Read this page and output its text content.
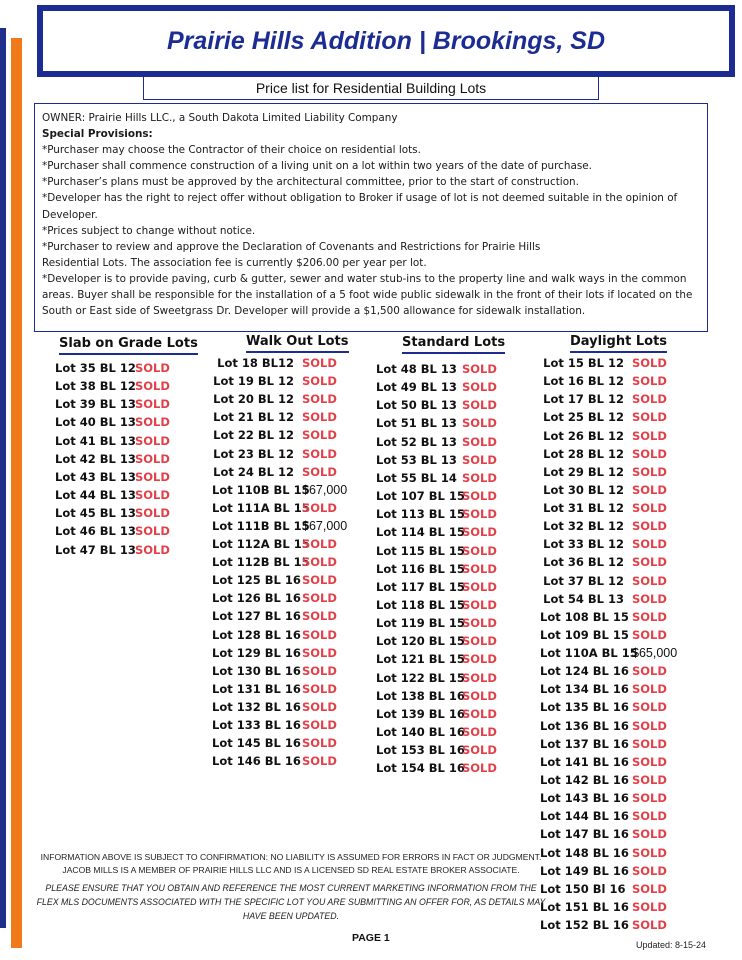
Prairie Hills Addition | Brookings, SD
Price list for Residential Building Lots

OWNER: Prairie Hills LLC., a South Dakota Limited Liability Company

Special Provisions:

*Purchaser may choose the Contractor of their choice on residential lots.

*Purchaser shall commence construction of a living unit on a lot within two years of the date of purchase.

*Purchaser’s plans must be approved by the architectural committee, prior to the start of construction.

*Developer has the right to reject offer without obligation to Broker if usage of lot is not deemed suitable in the opinion of Developer.

*Prices subject to change without notice.

*Purchaser to review and approve the Declaration of Covenants and Restrictions for Prairie Hills

Residential Lots. The association fee is currently $206.00 per year per lot.

*Developer is to provide paving, curb & gutter, sewer and water stub-ins to the property line and walk ways in the common areas. Buyer shall be responsible for the installation of a 5 foot wide public sidewalk in the front of their lots if located on the South or East side of Sweetgrass Dr. Developer will provide a $1,500 allowance for sidewalk installation.

Slab on Grade Lots
Lot 35 BL 12 SOLD
Lot 38 BL 12 SOLD
Lot 39 BL 13 SOLD
Lot 40 BL 13 SOLD
Lot 41 BL 13 SOLD
Lot 42 BL 13 SOLD
Lot 43 BL 13 SOLD
Lot 44 BL 13 SOLD
Lot 45 BL 13 SOLD
Lot 46 BL 13 SOLD
Lot 47 BL 13 SOLD
Walk Out Lots
Lot 18 BL12 SOLD
Lot 19 BL 12 SOLD
Lot 20 BL 12 SOLD
Lot 21 BL 12 SOLD
Lot 22 BL 12 SOLD
Lot 23 BL 12 SOLD
Lot 24 BL 12 SOLD
Lot 110B BL 15
$67,000
Lot 111A BL 15
SOLD
Lot 111B BL 15
$67,000
Lot 112A BL 15
SOLD
Lot 112B BL 15
SOLD
Lot 125 BL 16 SOLD
Lot 126 BL 16 SOLD
Lot 127 BL 16 SOLD
Lot 128 BL 16 SOLD
Lot 129 BL 16 SOLD
Lot 130 BL 16 SOLD
Lot 131 BL 16 SOLD
Lot 132 BL 16 SOLD
Lot 133 BL 16 SOLD
Lot 145 BL 16 SOLD
Lot 146 BL 16 SOLD
Standard Lots
Lot 48 BL 13 SOLD
Lot 49 BL 13 SOLD
Lot 50 BL 13 SOLD
Lot 51 BL 13 SOLD
Lot 52 BL 13 SOLD
Lot 53 BL 13 SOLD
Lot 55 BL 14 SOLD
Lot 107 BL 15
SOLD
Lot 113 BL 15
SOLD
Lot 114 BL 15
SOLD
Lot 115 BL 15
SOLD
Lot 116 BL 15
SOLD
Lot 117 BL 15
SOLD
Lot 118 BL 15
SOLD
Lot 119 BL 15
SOLD
Lot 120 BL 15
SOLD
Lot 121 BL 15
SOLD
Lot 122 BL 15
SOLD
Lot 138 BL 16
SOLD
Lot 139 BL 16
SOLD
Lot 140 BL 16
SOLD
Lot 153 BL 16
SOLD
Lot 154 BL 16
SOLD
Daylight Lots
Lot 15 BL 12 SOLD
Lot 16 BL 12 SOLD
Lot 17 BL 12 SOLD
Lot 25 BL 12 SOLD
Lot 26 BL 12 SOLD
Lot 28 BL 12 SOLD
Lot 29 BL 12 SOLD
Lot 30 BL 12 SOLD
Lot 31 BL 12 SOLD
Lot 32 BL 12 SOLD
Lot 33 BL 12 SOLD
Lot 36 BL 12 SOLD
Lot 37 BL 12 SOLD
Lot 54 BL 13 SOLD
Lot 108 BL 15 SOLD
Lot 109 BL 15 SOLD
Lot 110A BL 15
$65,000
Lot 124 BL 16 SOLD
Lot 134 BL 16 SOLD
Lot 135 BL 16 SOLD
Lot 136 BL 16 SOLD
Lot 137 BL 16 SOLD
Lot 141 BL 16 SOLD
Lot 142 BL 16 SOLD
Lot 143 BL 16 SOLD
Lot 144 BL 16 SOLD
Lot 147 BL 16 SOLD
Lot 148 BL 16 SOLD
Lot 149 BL 16 SOLD
Lot 150 Bl 16 SOLD
Lot 151 BL 16 SOLD
Lot 152 BL 16 SOLD
INFORMATION ABOVE IS SUBJECT TO CONFIRMATION: NO LIABILITY IS ASSUMED FOR ERRORS IN FACT OR JUDGMENT.
JACOB MILLS IS A MEMBER OF PRAIRIE HILLS LLC AND IS A LICENSED SD REAL ESTATE BROKER ASSOCIATE.
PLEASE ENSURE THAT YOU OBTAIN AND REFERENCE THE MOST CURRENT MARKETING INFORMATION FROM THE FLEX MLS DOCUMENTS ASSOCIATED WITH THE SPECIFIC LOT YOU ARE SUBMITTING AN OFFER FOR, AS DETAILS MAY HAVE BEEN UPDATED.
PAGE 1
Updated: 8-15-24
